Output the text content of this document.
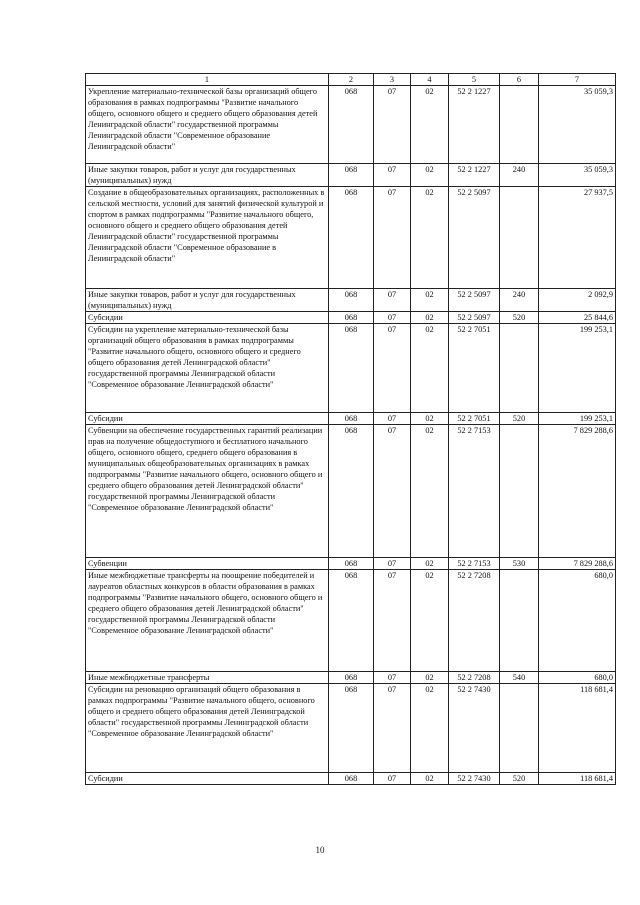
1	2	3	4	5	6	7
Укрепление материально-технической базы организаций общего образования в рамках подпрограммы "Развитие начального общего, основного общего и среднего общего образования детей Ленинградской области" государственной программы Ленинградской области "Современное образование Ленинградской области"	068	07	02	52 2 1227		35 059,3
Иные закупки товаров, работ и услуг для государственных (муниципальных) нужд	068	07	02	52 2 1227	240	35 059,3
Создание в общеобразовательных организациях, расположенных в сельской местности, условий для занятий физической культурой и спортом в рамках подпрограммы "Развитие начального общего, основного общего и среднего общего образования детей Ленинградской области" государственной программы Ленинградской области "Современное образование в Ленинградской области"	068	07	02	52 2 5097		27 937,5
Иные закупки товаров, работ и услуг для государственных (муниципальных) нужд	068	07	02	52 2 5097	240	2 092,9
Субсидии	068	07	02	52 2 5097	520	25 844,6
Субсидии на укрепление материально-технической базы организаций общего образования в рамках подпрограммы "Развитие начального общего, основного общего и среднего общего образования детей Ленинградской области" государственной программы Ленинградской области "Современное образование Ленинградской области"	068	07	02	52 2 7051		199 253,1
Субсидии	068	07	02	52 2 7051	520	199 253,1
Субвенции на обеспечение государственных гарантий реализации прав на получение общедоступного и бесплатного начального общего, основного общего, среднего общего образования в муниципальных общеобразовательных организациях в рамках подпрограммы "Развитие начального общего, основного общего и среднего общего образования детей Ленинградской области" государственной программы Ленинградской области "Современное образование Ленинградской области"	068	07	02	52 2 7153		7 829 288,6
Субвенции	068	07	02	52 2 7153	530	7 829 288,6
Иные межбюджетные трансферты на поощрение победителей и лауреатов областных конкурсов в области образования в рамках подпрограммы "Развитие начального общего, основного общего и среднего общего образования детей Ленинградской области" государственной программы Ленинградской области "Современное образование Ленинградской области"	068	07	02	52 2 7208		680,0
Иные межбюджетные трансферты	068	07	02	52 2 7208	540	680,0
Субсидии на реновацию организаций общего образования в рамках подпрограммы "Развитие начального общего, основного общего и среднего общего образования детей Ленинградской области" государственной программы Ленинградской области "Современное образование Ленинградской области"	068	07	02	52 2 7430		118 681,4
Субсидии	068	07	02	52 2 7430	520	118 681,4
10
